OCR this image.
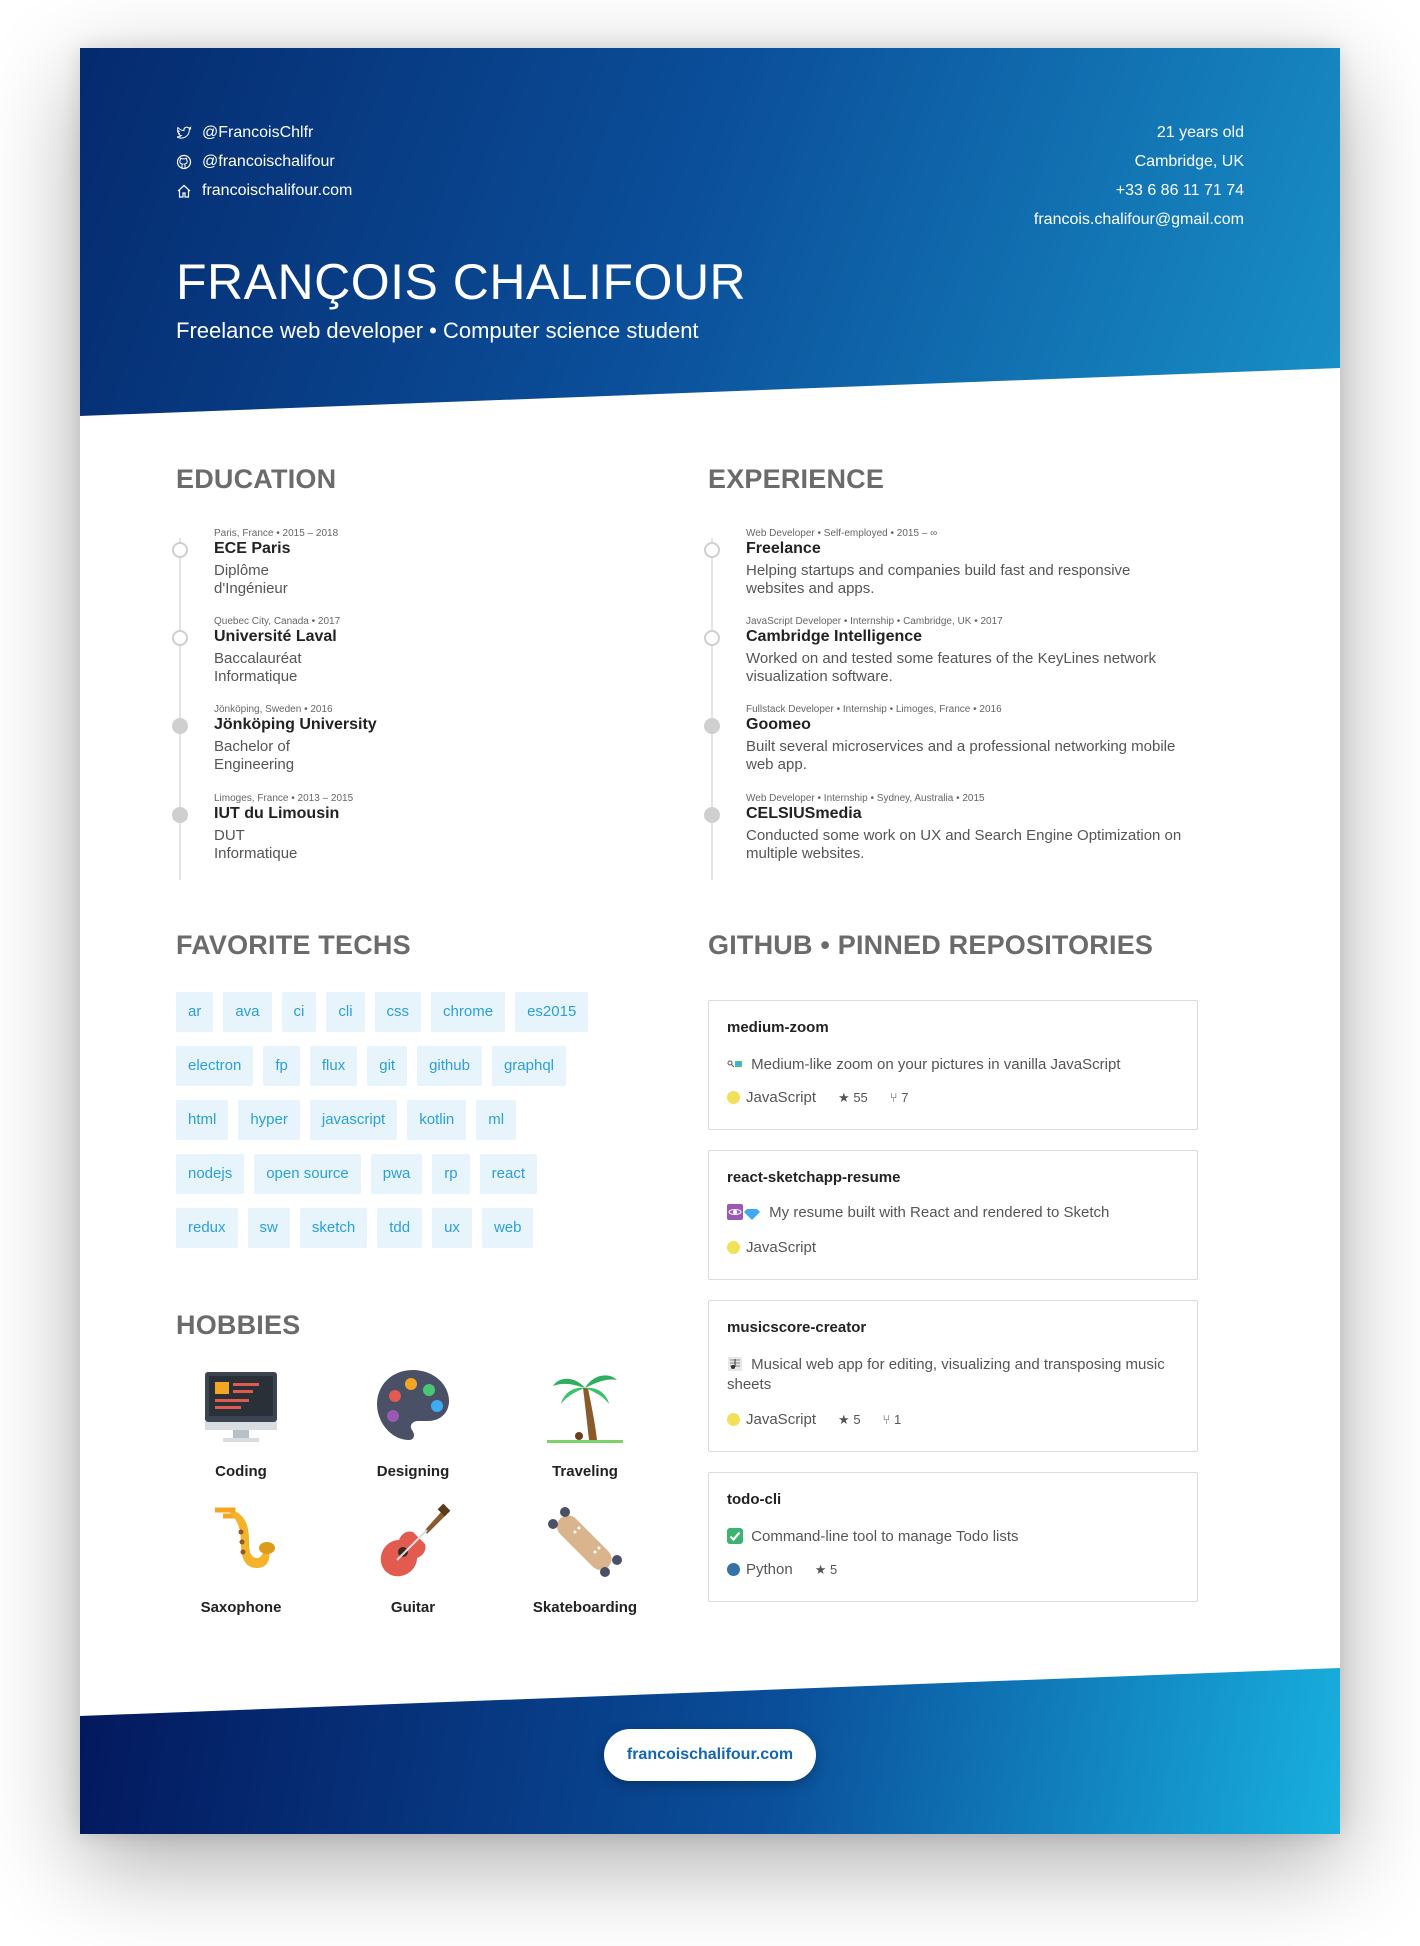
@FrancoisChlfr
@francoischalifour
francoischalifour.com
21 years old
Cambridge, UK
+33 6 86 11 71 74
francois.chalifour@gmail.com
FRANÇOIS CHALIFOUR
Freelance web developer • Computer science student
EDUCATION
Paris, France • 2015 – 2018
ECE Paris
Diplôme d'Ingénieur
Quebec City, Canada • 2017
Université Laval
Baccalauréat Informatique
Jönköping, Sweden • 2016
Jönköping University
Bachelor of Engineering
Limoges, France • 2013 – 2015
IUT du Limousin
DUT Informatique
EXPERIENCE
Web Developer • Self-employed • 2015 – ∞
Freelance
Helping startups and companies build fast and responsive websites and apps.
JavaScript Developer • Internship • Cambridge, UK • 2017
Cambridge Intelligence
Worked on and tested some features of the KeyLines network visualization software.
Fullstack Developer • Internship • Limoges, France • 2016
Goomeo
Built several microservices and a professional networking mobile web app.
Web Developer • Internship • Sydney, Australia • 2015
CELSIUSmedia
Conducted some work on UX and Search Engine Optimization on multiple websites.
FAVORITE TECHS
ar	ava	ci	cli	css	chrome	es2015
electron	fp	flux	git	github	graphql
html	hyper	javascript	kotlin	ml
nodejs	open source	pwa	rp	react
redux	sw	sketch	tdd	ux	web
HOBBIES
Coding	Designing	Traveling
Saxophone	Guitar	Skateboarding
GITHUB • PINNED REPOSITORIES
medium-zoom
Medium-like zoom on your pictures in vanilla JavaScript
JavaScript ★ 55 ⑂ 7
react-sketchapp-resume
My resume built with React and rendered to Sketch
JavaScript
musicscore-creator
Musical web app for editing, visualizing and transposing music sheets
JavaScript ★ 5 ⑂ 1
todo-cli
Command-line tool to manage Todo lists
Python ★ 5
francoischalifour.com
